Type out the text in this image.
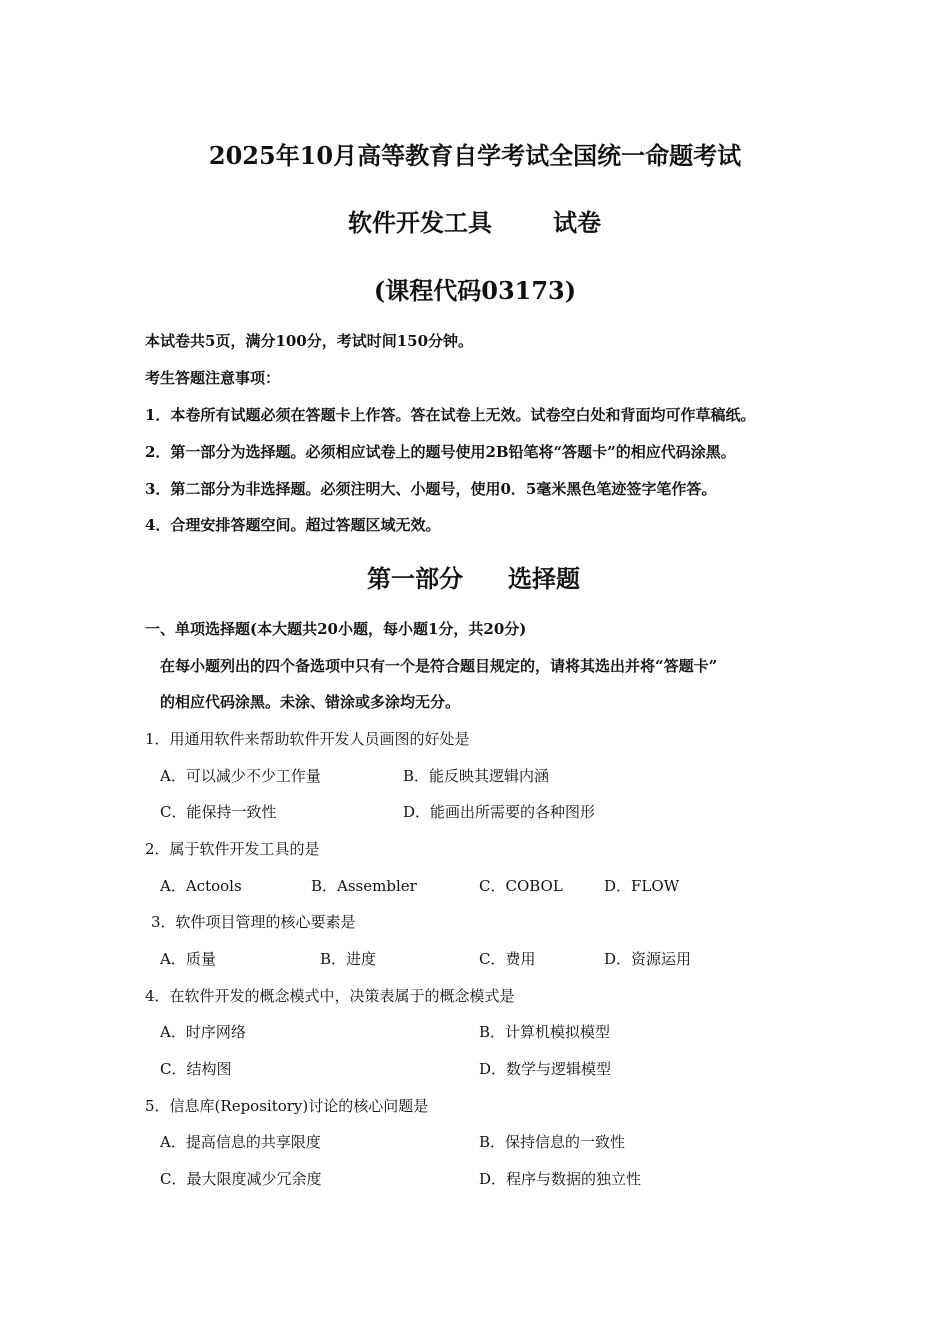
2025年10月高等教育自学考试全国统一命题考试
软件开发工具	试卷
(课程代码03173)
本试卷共5页，满分100分，考试时间150分钟。
考生答题注意事项：
1．本卷所有试题必须在答题卡上作答。答在试卷上无效。试卷空白处和背面均可作草稿纸。
2．第一部分为选择题。必须相应试卷上的题号使用2B铅笔将“答题卡”的相应代码涂黑。
3．第二部分为非选择题。必须注明大、小题号，使用0．5毫米黑色笔迹签字笔作答。
4．合理安排答题空间。超过答题区域无效。
第一部分 选择题
一、单项选择题(本大题共20小题，每小题1分，共20分)
在每小题列出的四个备选项中只有一个是符合题目规定的，请将其选出并将“答题卡”
的相应代码涂黑。未涂、错涂或多涂均无分。
1．用通用软件来帮助软件开发人员画图的好处是
A．可以减少不少工作量	B．能反映其逻辑内涵
C．能保持一致性	D．能画出所需要的各种图形
2．属于软件开发工具的是
A．Actools	B．Assembler	C．COBOL	D．FLOW
3．软件项目管理的核心要素是
A．质量	B．进度	C．费用	D．资源运用
4．在软件开发的概念模式中，决策表属于的概念模式是
A．时序网络	B．计算机模拟模型
C．结构图	D．数学与逻辑模型
5．信息库(Repository)讨论的核心问题是
A．提高信息的共享限度	B．保持信息的一致性
C．最大限度减少冗余度	D．程序与数据的独立性
